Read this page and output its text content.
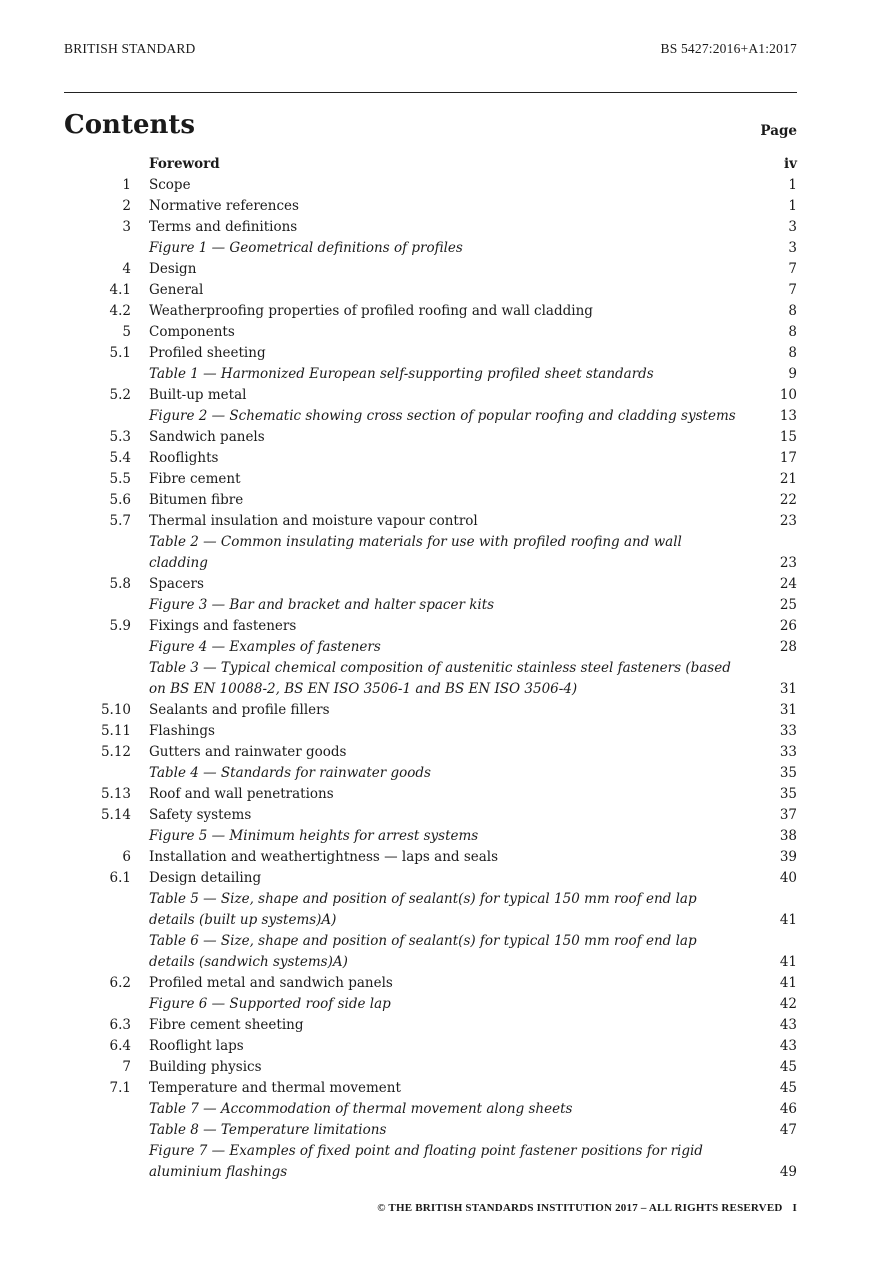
BRITISH STANDARD	BS 5427:2016+A1:2017
Contents	Page
Foreword	iv
1	Scope	1
2	Normative references	1
3	Terms and definitions	3
Figure 1 — Geometrical definitions of profiles	3
4	Design	7
4.1	General	7
4.2	Weatherproofing properties of profiled roofing and wall cladding	8
5	Components	8
5.1	Profiled sheeting	8
Table 1 — Harmonized European self-supporting profiled sheet standards	9
5.2	Built-up metal	10
Figure 2 — Schematic showing cross section of popular roofing and cladding systems	13
5.3	Sandwich panels	15
5.4	Rooflights	17
5.5	Fibre cement	21
5.6	Bitumen fibre	22
5.7	Thermal insulation and moisture vapour control	23
Table 2 — Common insulating materials for use with profiled roofing and wall cladding	23
5.8	Spacers	24
Figure 3 — Bar and bracket and halter spacer kits	25
5.9	Fixings and fasteners	26
Figure 4 — Examples of fasteners	28
Table 3 — Typical chemical composition of austenitic stainless steel fasteners (based on BS EN 10088-2, BS EN ISO 3506-1 and BS EN ISO 3506-4)	31
5.10	Sealants and profile fillers	31
5.11	Flashings	33
5.12	Gutters and rainwater goods	33
Table 4 — Standards for rainwater goods	35
5.13	Roof and wall penetrations	35
5.14	Safety systems	37
Figure 5 — Minimum heights for arrest systems	38
6	Installation and weathertightness — laps and seals	39
6.1	Design detailing	40
Table 5 — Size, shape and position of sealant(s) for typical 150 mm roof end lap details (built up systems)A)	41
Table 6 — Size, shape and position of sealant(s) for typical 150 mm roof end lap details (sandwich systems)A)	41
6.2	Profiled metal and sandwich panels	41
Figure 6 — Supported roof side lap	42
6.3	Fibre cement sheeting	43
6.4	Rooflight laps	43
7	Building physics	45
7.1	Temperature and thermal movement	45
Table 7 — Accommodation of thermal movement along sheets	46
Table 8 — Temperature limitations	47
Figure 7 — Examples of fixed point and floating point fastener positions for rigid aluminium flashings	49
© THE BRITISH STANDARDS INSTITUTION 2017 – ALL RIGHTS RESERVED I
